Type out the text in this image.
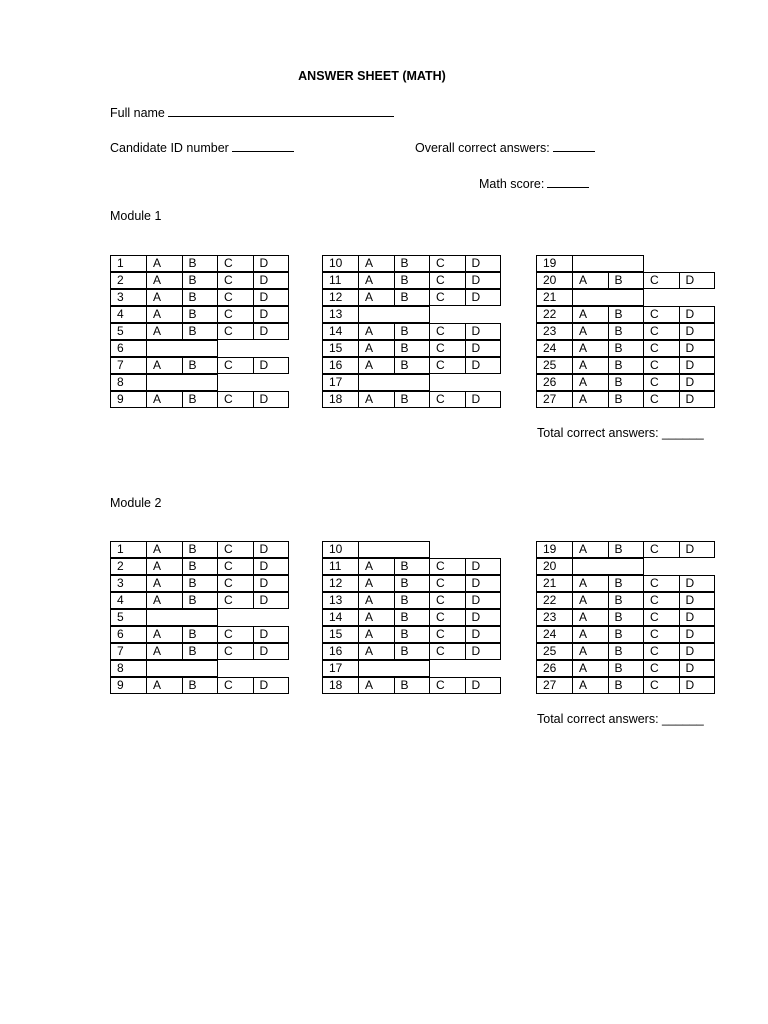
ANSWER SHEET (MATH)
Full name
Candidate ID number	Overall correct answers:
Math score:
Module 1
1	A	B	C	D
2	A	B	C	D
3	A	B	C	D
4	A	B	C	D
5	A	B	C	D
6
7	A	B	C	D
8
9	A	B	C	D
10	A	B	C	D
11	A	B	C	D
12	A	B	C	D
13
14	A	B	C	D
15	A	B	C	D
16	A	B	C	D
17
18	A	B	C	D
19
20	A	B	C	D
21
22	A	B	C	D
23	A	B	C	D
24	A	B	C	D
25	A	B	C	D
26	A	B	C	D
27	A	B	C	D
Total correct answers: ______
Module 2
1	A	B	C	D
2	A	B	C	D
3	A	B	C	D
4	A	B	C	D
5
6	A	B	C	D
7	A	B	C	D
8
9	A	B	C	D
10
11	A	B	C	D
12	A	B	C	D
13	A	B	C	D
14	A	B	C	D
15	A	B	C	D
16	A	B	C	D
17
18	A	B	C	D
19	A	B	C	D
20
21	A	B	C	D
22	A	B	C	D
23	A	B	C	D
24	A	B	C	D
25	A	B	C	D
26	A	B	C	D
27	A	B	C	D
Total correct answers: ______
